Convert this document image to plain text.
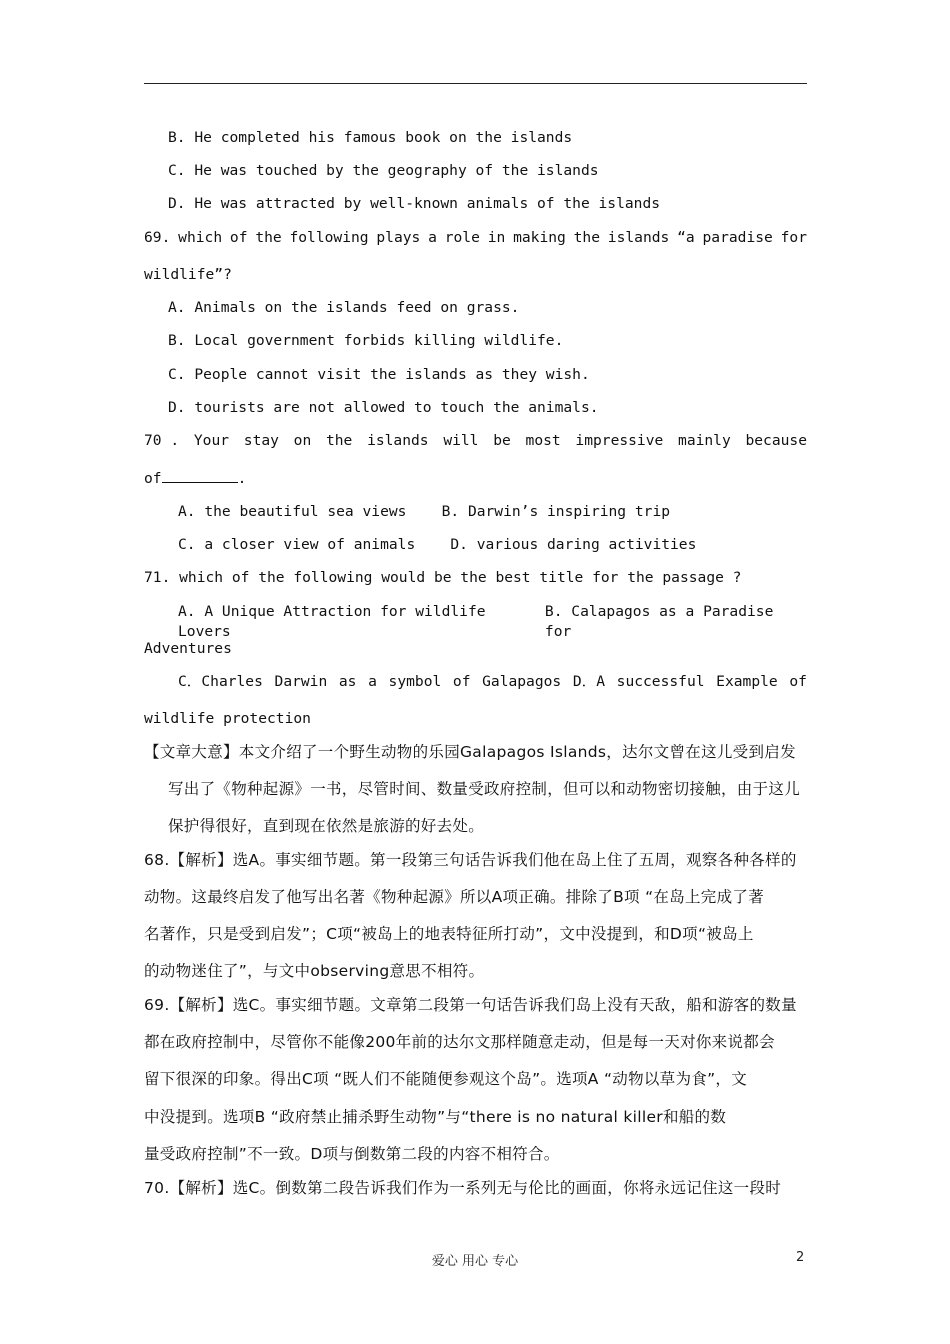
B. He completed his famous book on the islands
C. He was touched by the geography of the islands
D. He was attracted by well-known animals of the islands
69. which of the following plays a role in making the islands “a paradise for
wildlife”?
A. Animals on the islands feed on grass.
B. Local government forbids killing wildlife.
C. People cannot visit the islands as they wish.
D. tourists are not allowed to touch the animals.
70 . Your stay on the islands will be most impressive mainly because
of	.
A. the beautiful sea views    B. Darwin’s inspiring trip
C. a closer view of animals    D. various daring activities
71. which of the following would be the best title for the passage ?
A. A Unique Attraction for wildlife Lovers
B. Calapagos as a Paradise for
Adventures
C．Charles Darwin as a symbol of Galapagos D．A successful Example of
wildlife protection
【文章大意】本文介绍了一个野生动物的乐园Galapagos Islands，达尔文曾在这儿受到启发
写出了《物种起源》一书，尽管时间、数量受政府控制，但可以和动物密切接触，由于这儿
保护得很好，直到现在依然是旅游的好去处。
68.【解析】选A。事实细节题。第一段第三句话告诉我们他在岛上住了五周，观察各种各样的
动物。这最终启发了他写出名著《物种起源》所以A项正确。排除了B项 “在岛上完成了著
名著作，只是受到启发”；C项“被岛上的地表特征所打动”，文中没提到，和D项“被岛上
的动物迷住了”，与文中observing意思不相符。
69.【解析】选C。事实细节题。文章第二段第一句话告诉我们岛上没有天敌，船和游客的数量
都在政府控制中，尽管你不能像200年前的达尔文那样随意走动，但是每一天对你来说都会
留下很深的印象。得出C项 “既人们不能随便参观这个岛”。选项A “动物以草为食”，文
中没提到。选项B “政府禁止捕杀野生动物”与“there is no natural killer和船的数
量受政府控制”不一致。D项与倒数第二段的内容不相符合。
70.【解析】选C。倒数第二段告诉我们作为一系列无与伦比的画面，你将永远记住这一段时
爱心 用心 专心	2
